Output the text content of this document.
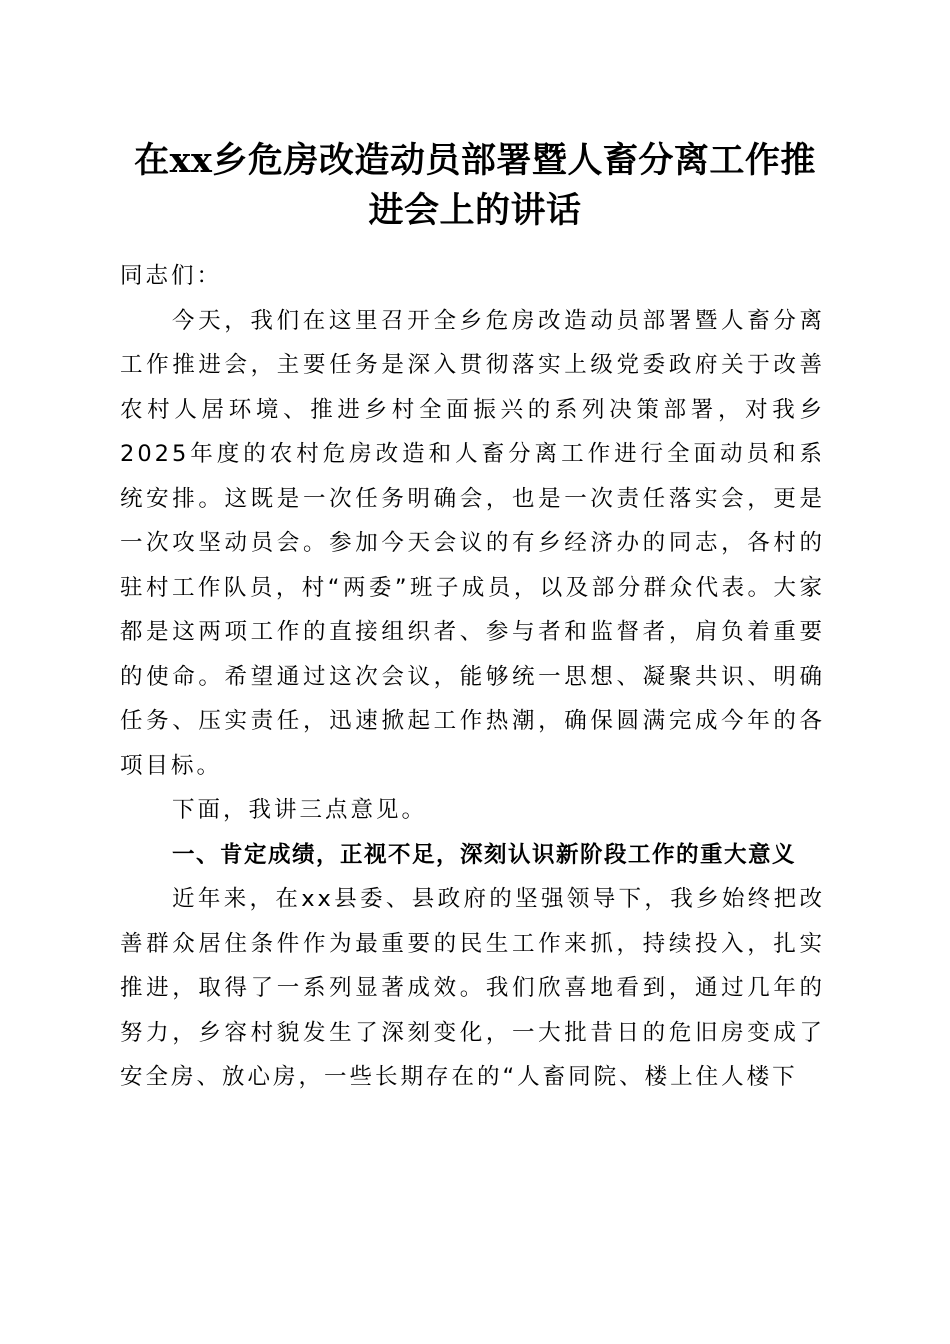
在xx乡危房改造动员部署暨人畜分离工作推
进会上的讲话

同志们：

今天，我们在这里召开全乡危房改造动员部署暨人畜分离工作推进会，主要任务是深入贯彻落实上级党委政府关于改善农村人居环境、推进乡村全面振兴的系列决策部署，对我乡2025年度的农村危房改造和人畜分离工作进行全面动员和系统安排。这既是一次任务明确会，也是一次责任落实会，更是一次攻坚动员会。参加今天会议的有乡经济办的同志，各村的驻村工作队员，村“两委”班子成员，以及部分群众代表。大家都是这两项工作的直接组织者、参与者和监督者，肩负着重要的使命。希望通过这次会议，能够统一思想、凝聚共识、明确任务、压实责任，迅速掀起工作热潮，确保圆满完成今年的各项目标。

下面，我讲三点意见。

一、肯定成绩，正视不足，深刻认识新阶段工作的重大意义

近年来，在xx县委、县政府的坚强领导下，我乡始终把改善群众居住条件作为最重要的民生工作来抓，持续投入，扎实推进，取得了一系列显著成效。我们欣喜地看到，通过几年的努力，乡容村貌发生了深刻变化，一大批昔日的危旧房变成了安全房、放心房，一些长期存在的“人畜同院、楼上住人楼下
